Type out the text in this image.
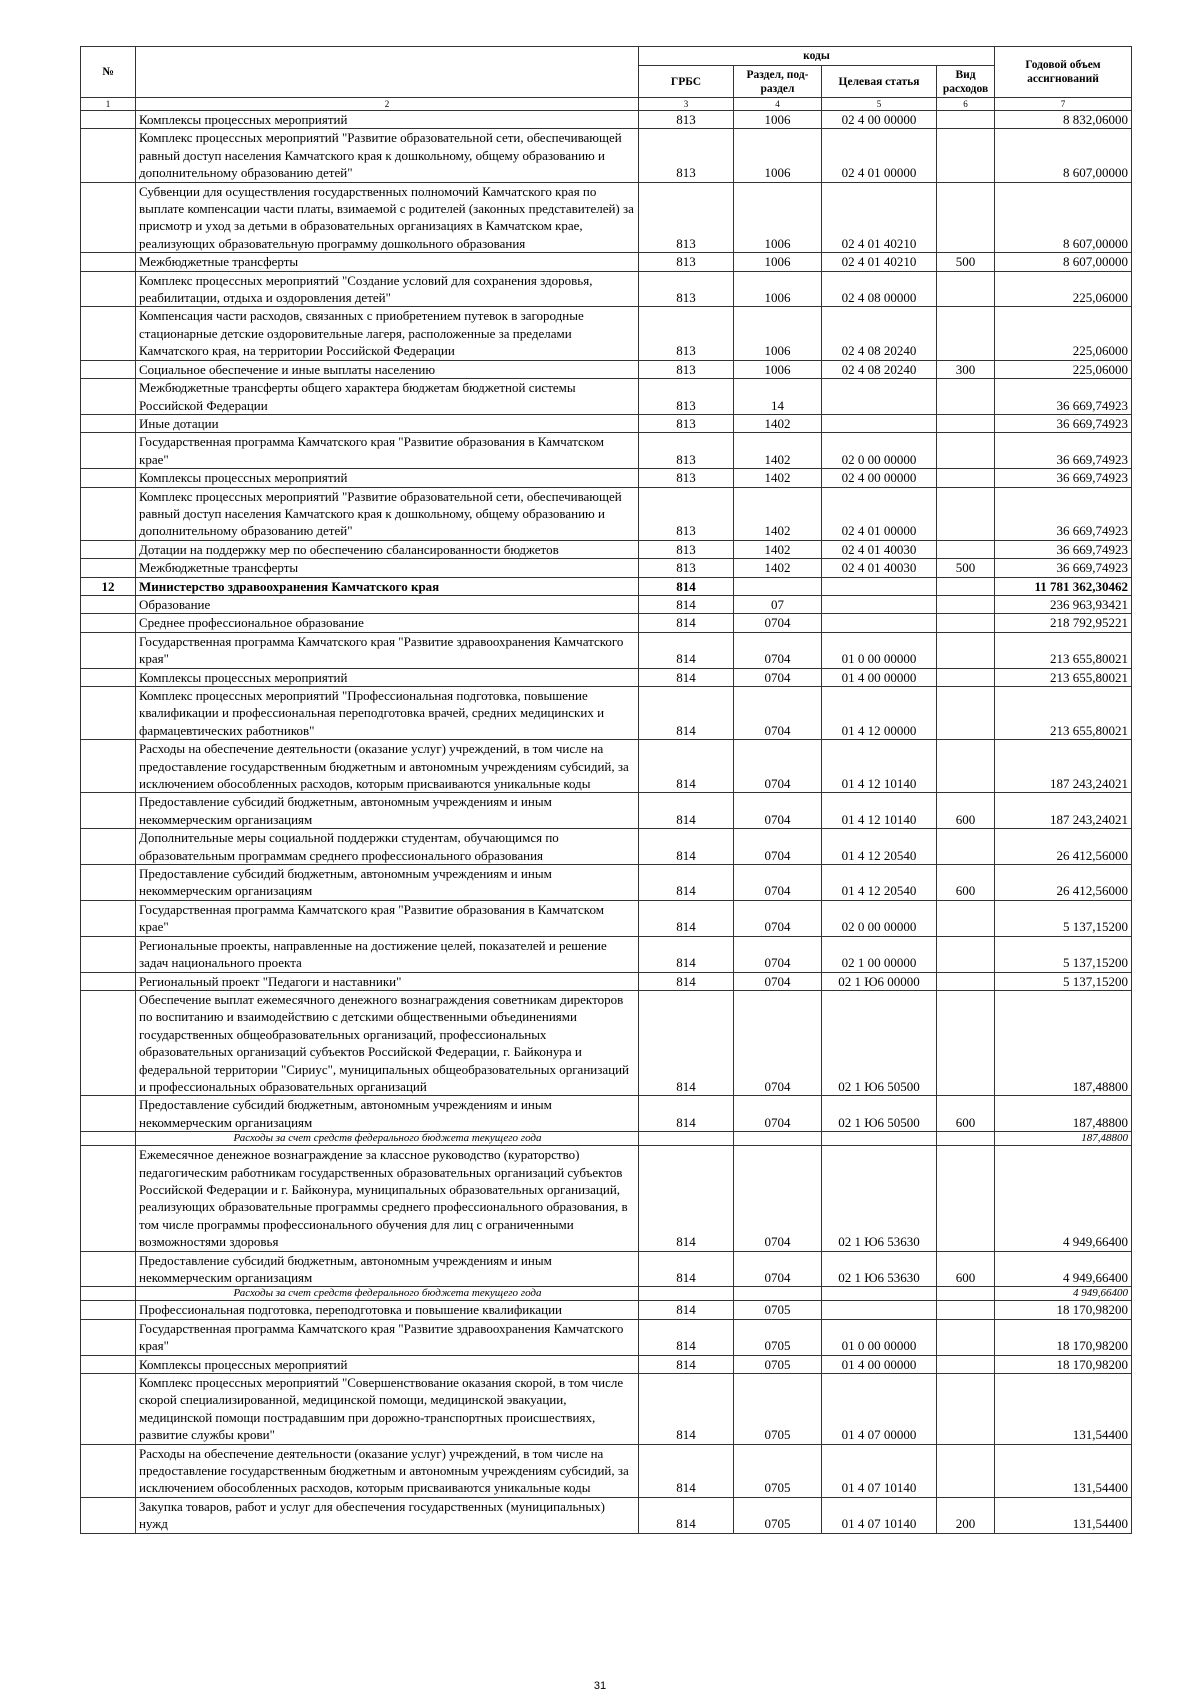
№		коды				Годовой объем ассигнований
		ГРБС	Раздел, под-раздел	Целевая статья	Вид расходов	
1	2	3	4	5	6	7
	Комплексы процессных мероприятий	813	1006	02 4 00 00000		8 832,06000
	Комплекс процессных мероприятий "Развитие образовательной сети, обеспечивающей равный доступ населения Камчатского края к дошкольному, общему образованию и дополнительному образованию детей"	813	1006	02 4 01 00000		8 607,00000
	Субвенции для осуществления государственных полномочий Камчатского края по выплате компенсации части платы, взимаемой с родителей (законных представителей) за присмотр и уход за детьми в образовательных организациях в Камчатском крае, реализующих образовательную программу дошкольного образования	813	1006	02 4 01 40210		8 607,00000
	Межбюджетные трансферты	813	1006	02 4 01 40210	500	8 607,00000
	Комплекс процессных мероприятий "Создание условий для сохранения здоровья, реабилитации, отдыха и оздоровления детей"	813	1006	02 4 08 00000		225,06000
	Компенсация части расходов, связанных с приобретением путевок в загородные стационарные детские оздоровительные лагеря, расположенные за пределами Камчатского края, на территории Российской Федерации	813	1006	02 4 08 20240		225,06000
	Социальное обеспечение и иные выплаты населению	813	1006	02 4 08 20240	300	225,06000
	Межбюджетные трансферты общего характера бюджетам бюджетной системы Российской Федерации	813	14			36 669,74923
	Иные дотации	813	1402			36 669,74923
	Государственная программа Камчатского края "Развитие образования в Камчатском крае"	813	1402	02 0 00 00000		36 669,74923
	Комплексы процессных мероприятий	813	1402	02 4 00 00000		36 669,74923
	Комплекс процессных мероприятий "Развитие образовательной сети, обеспечивающей равный доступ населения Камчатского края к дошкольному, общему образованию и дополнительному образованию детей"	813	1402	02 4 01 00000		36 669,74923
	Дотации на поддержку мер по обеспечению сбалансированности бюджетов	813	1402	02 4 01 40030		36 669,74923
	Межбюджетные трансферты	813	1402	02 4 01 40030	500	36 669,74923
12	Министерство здравоохранения Камчатского края	814				11 781 362,30462
	Образование	814	07			236 963,93421
	Среднее профессиональное образование	814	0704			218 792,95221
	Государственная программа Камчатского края "Развитие здравоохранения Камчатского края"	814	0704	01 0 00 00000		213 655,80021
	Комплексы процессных мероприятий	814	0704	01 4 00 00000		213 655,80021
	Комплекс процессных мероприятий "Профессиональная подготовка, повышение квалификации и профессиональная переподготовка врачей, средних медицинских и фармацевтических работников"	814	0704	01 4 12 00000		213 655,80021
	Расходы на обеспечение деятельности (оказание услуг) учреждений, в том числе на предоставление государственным бюджетным и автономным учреждениям субсидий, за исключением обособленных расходов, которым присваиваются уникальные коды	814	0704	01 4 12 10140		187 243,24021
	Предоставление субсидий бюджетным, автономным учреждениям и иным некоммерческим организациям	814	0704	01 4 12 10140	600	187 243,24021
	Дополнительные меры социальной поддержки студентам, обучающимся по образовательным программам среднего профессионального образования	814	0704	01 4 12 20540		26 412,56000
	Предоставление субсидий бюджетным, автономным учреждениям и иным некоммерческим организациям	814	0704	01 4 12 20540	600	26 412,56000
	Государственная программа Камчатского края "Развитие образования в Камчатском крае"	814	0704	02 0 00 00000		5 137,15200
	Региональные проекты, направленные на достижение целей, показателей и решение задач национального проекта	814	0704	02 1 00 00000		5 137,15200
	Региональный проект "Педагоги и наставники"	814	0704	02 1 Ю6 00000		5 137,15200
	Обеспечение выплат ежемесячного денежного вознаграждения советникам директоров по воспитанию и взаимодействию с детскими общественными объединениями государственных общеобразовательных организаций, профессиональных образовательных организаций субъектов Российской Федерации, г. Байконура и федеральной территории "Сириус", муниципальных общеобразовательных организаций и профессиональных образовательных организаций	814	0704	02 1 Ю6 50500		187,48800
	Предоставление субсидий бюджетным, автономным учреждениям и иным некоммерческим организациям	814	0704	02 1 Ю6 50500	600	187,48800
	Расходы за счет средств федерального бюджета текущего года					187,48800
	Ежемесячное денежное вознаграждение за классное руководство (кураторство) педагогическим работникам государственных образовательных организаций субъектов Российской Федерации и г. Байконура, муниципальных образовательных организаций, реализующих образовательные программы среднего профессионального образования, в том числе программы профессионального обучения для лиц с ограниченными возможностями здоровья	814	0704	02 1 Ю6 53630		4 949,66400
	Предоставление субсидий бюджетным, автономным учреждениям и иным некоммерческим организациям	814	0704	02 1 Ю6 53630	600	4 949,66400
	Расходы за счет средств федерального бюджета текущего года					4 949,66400
	Профессиональная подготовка, переподготовка и повышение квалификации	814	0705			18 170,98200
	Государственная программа Камчатского края "Развитие здравоохранения Камчатского края"	814	0705	01 0 00 00000		18 170,98200
	Комплексы процессных мероприятий	814	0705	01 4 00 00000		18 170,98200
	Комплекс процессных мероприятий "Совершенствование оказания скорой, в том числе скорой специализированной, медицинской помощи, медицинской эвакуации, медицинской помощи пострадавшим при дорожно-транспортных происшествиях, развитие службы крови"	814	0705	01 4 07 00000		131,54400
	Расходы на обеспечение деятельности (оказание услуг) учреждений, в том числе на предоставление государственным бюджетным и автономным учреждениям субсидий, за исключением обособленных расходов, которым присваиваются уникальные коды	814	0705	01 4 07 10140		131,54400
	Закупка товаров, работ и услуг для обеспечения государственных (муниципальных) нужд	814	0705	01 4 07 10140	200	131,54400
31
